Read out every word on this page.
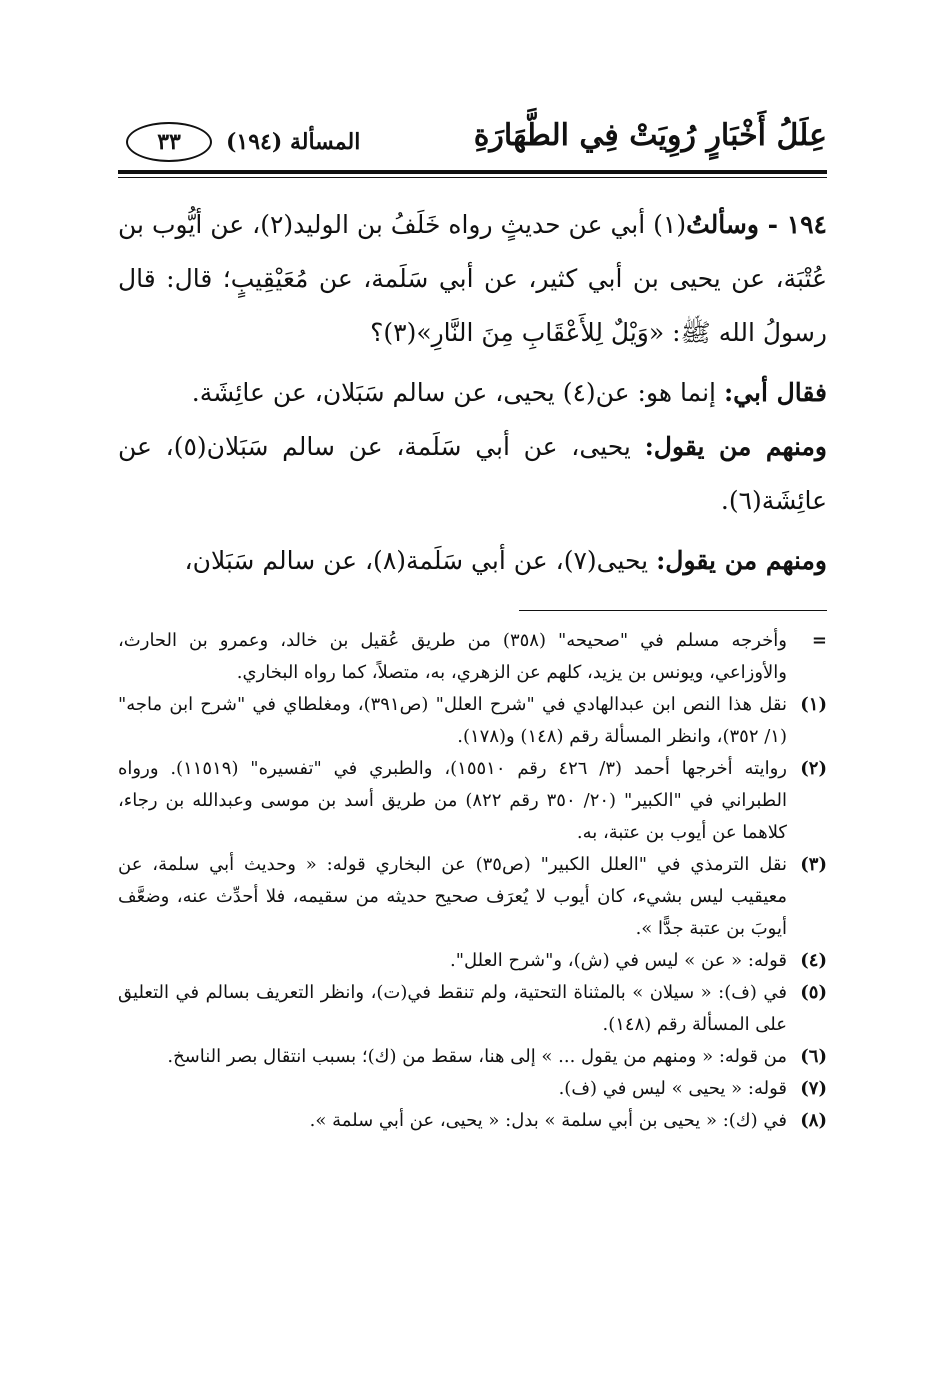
عِلَلُ أَخْبَارٍ رُوِيَتْ فِي الطَّهَارَةِ
المسألة (١٩٤)
٣٣

١٩٤ - وسألتُ(١) أبي عن حديثٍ رواه خَلَفُ بن الوليد(٢)، عن أيُّوب بن عُتْبَة، عن يحيى بن أبي كثير، عن أبي سَلَمة، عن مُعَيْقِيبٍ؛ قال: قال رسولُ الله ﷺ: «وَيْلٌ لِلأَعْقَابِ مِنَ النَّارِ»(٣)؟

فقال أبي: إنما هو: عن(٤) يحيى، عن سالم سَبَلان، عن عائِشَة.

ومنهم من يقول: يحيى، عن أبي سَلَمة، عن سالم سَبَلان(٥)، عن عائِشَة(٦).

ومنهم من يقول: يحيى(٧)، عن أبي سَلَمة(٨)، عن سالم سَبَلان،

=
وأخرجه مسلم في "صحيحه" (٣٥٨) من طريق عُقيل بن خالد، وعمرو بن الحارث، والأوزاعي، ويونس بن يزيد، كلهم عن الزهري، به، متصلاً، كما رواه البخاري.
(١)
نقل هذا النص ابن عبدالهادي في "شرح العلل" (ص٣٩١)، ومغلطاي في "شرح ابن ماجه" (١/ ٣٥٢)، وانظر المسألة رقم (١٤٨) و(١٧٨).
(٢)
روايته أخرجها أحمد (٣/ ٤٢٦ رقم ١٥٥١٠)، والطبري في "تفسيره" (١١٥١٩). ورواه الطبراني في "الكبير" (٢٠/ ٣٥٠ رقم ٨٢٢) من طريق أسد بن موسى وعبدالله بن رجاء، كلاهما عن أيوب بن عتبة، به.
(٣)
نقل الترمذي في "العلل الكبير" (ص٣٥) عن البخاري قوله: « وحديث أبي سلمة، عن معيقيب ليس بشيء، كان أيوب لا يُعرَف صحيح حديثه من سقيمه، فلا أحدِّث عنه، وضعَّف أيوبَ بن عتبة جدًّا ».
(٤)
قوله: « عن » ليس في (ش)، و"شرح العلل".
(٥)
في (ف): « سيلان » بالمثناة التحتية، ولم تنقط في(ت)، وانظر التعريف بسالم في التعليق على المسألة رقم (١٤٨).
(٦)
من قوله: « ومنهم من يقول ... » إلى هنا، سقط من (ك)؛ بسبب انتقال بصر الناسخ.
(٧)
قوله: « يحيى » ليس في (ف).
(٨)
في (ك): « يحيى بن أبي سلمة » بدل: « يحيى، عن أبي سلمة ».
